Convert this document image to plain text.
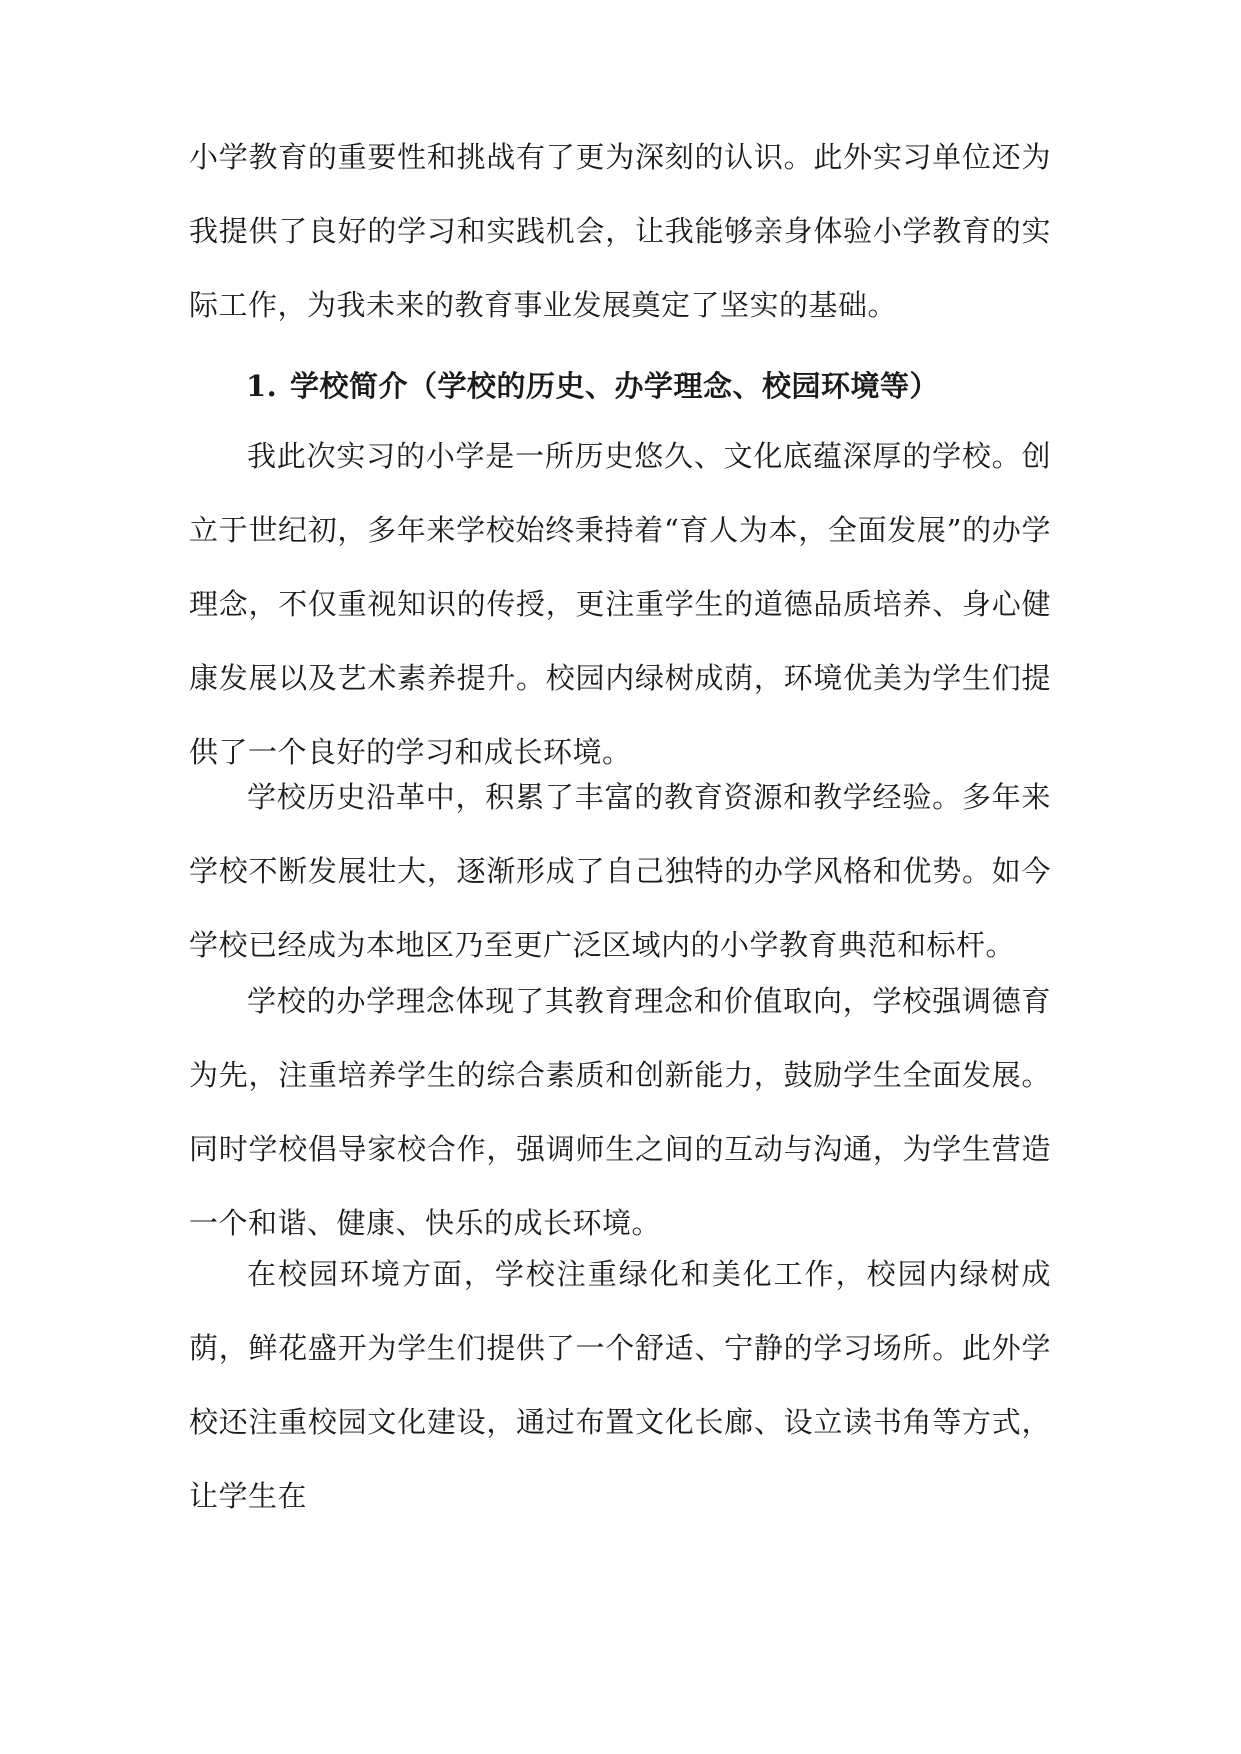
小学教育的重要性和挑战有了更为深刻的认识。此外实习单位还为我提供了良好的学习和实践机会，让我能够亲身体验小学教育的实际工作，为我未来的教育事业发展奠定了坚实的基础。

1. 学校简介（学校的历史、办学理念、校园环境等）

我此次实习的小学是一所历史悠久、文化底蕴深厚的学校。创立于世纪初，多年来学校始终秉持着“育人为本，全面发展”的办学理念，不仅重视知识的传授，更注重学生的道德品质培养、身心健康发展以及艺术素养提升。校园内绿树成荫，环境优美为学生们提供了一个良好的学习和成长环境。

学校历史沿革中，积累了丰富的教育资源和教学经验。多年来学校不断发展壮大，逐渐形成了自己独特的办学风格和优势。如今学校已经成为本地区乃至更广泛区域内的小学教育典范和标杆。

学校的办学理念体现了其教育理念和价值取向，学校强调德育为先，注重培养学生的综合素质和创新能力，鼓励学生全面发展。同时学校倡导家校合作，强调师生之间的互动与沟通，为学生营造一个和谐、健康、快乐的成长环境。

在校园环境方面，学校注重绿化和美化工作，校园内绿树成荫，鲜花盛开为学生们提供了一个舒适、宁静的学习场所。此外学校还注重校园文化建设，通过布置文化长廊、设立读书角等方式，让学生在
